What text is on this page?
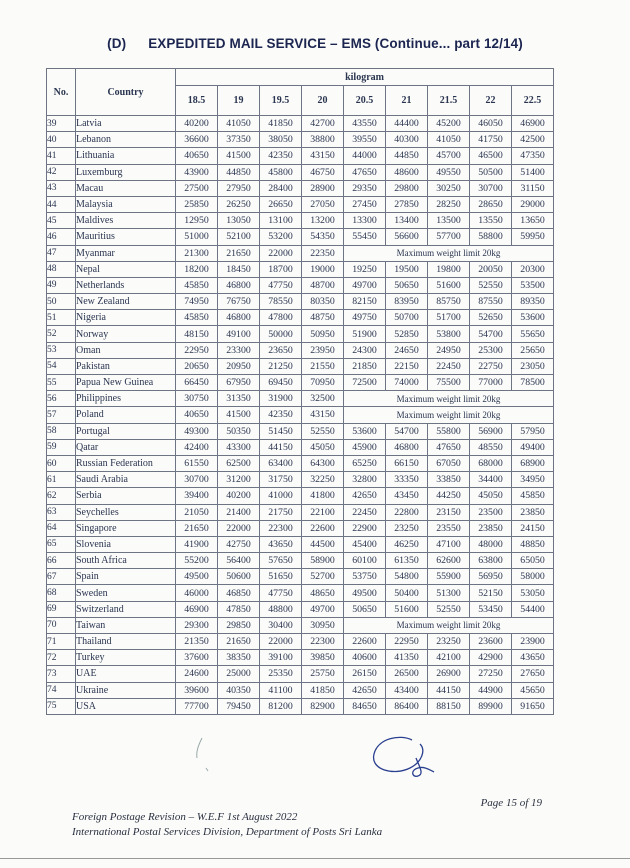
(D) EXPEDITED MAIL SERVICE – EMS (Continue... part 12/14)
No.	Country	kilogram								
		18.5	19	19.5	20	20.5	21	21.5	22	22.5
39	Latvia	40200	41050	41850	42700	43550	44400	45200	46050	46900
40	Lebanon	36600	37350	38050	38800	39550	40300	41050	41750	42500
41	Lithuania	40650	41500	42350	43150	44000	44850	45700	46500	47350
42	Luxemburg	43900	44850	45800	46750	47650	48600	49550	50500	51400
43	Macau	27500	27950	28400	28900	29350	29800	30250	30700	31150
44	Malaysia	25850	26250	26650	27050	27450	27850	28250	28650	29000
45	Maldives	12950	13050	13100	13200	13300	13400	13500	13550	13650
46	Mauritius	51000	52100	53200	54350	55450	56600	57700	58800	59950
47	Myanmar	21300	21650	22000	22350	Maximum weight limit 20kg				
48	Nepal	18200	18450	18700	19000	19250	19500	19800	20050	20300
49	Netherlands	45850	46800	47750	48700	49700	50650	51600	52550	53500
50	New Zealand	74950	76750	78550	80350	82150	83950	85750	87550	89350
51	Nigeria	45850	46800	47800	48750	49750	50700	51700	52650	53600
52	Norway	48150	49100	50000	50950	51900	52850	53800	54700	55650
53	Oman	22950	23300	23650	23950	24300	24650	24950	25300	25650
54	Pakistan	20650	20950	21250	21550	21850	22150	22450	22750	23050
55	Papua New Guinea	66450	67950	69450	70950	72500	74000	75500	77000	78500
56	Philippines	30750	31350	31900	32500	Maximum weight limit 20kg				
57	Poland	40650	41500	42350	43150	Maximum weight limit 20kg				
58	Portugal	49300	50350	51450	52550	53600	54700	55800	56900	57950
59	Qatar	42400	43300	44150	45050	45900	46800	47650	48550	49400
60	Russian Federation	61550	62500	63400	64300	65250	66150	67050	68000	68900
61	Saudi Arabia	30700	31200	31750	32250	32800	33350	33850	34400	34950
62	Serbia	39400	40200	41000	41800	42650	43450	44250	45050	45850
63	Seychelles	21050	21400	21750	22100	22450	22800	23150	23500	23850
64	Singapore	21650	22000	22300	22600	22900	23250	23550	23850	24150
65	Slovenia	41900	42750	43650	44500	45400	46250	47100	48000	48850
66	South Africa	55200	56400	57650	58900	60100	61350	62600	63800	65050
67	Spain	49500	50600	51650	52700	53750	54800	55900	56950	58000
68	Sweden	46000	46850	47750	48650	49500	50400	51300	52150	53050
69	Switzerland	46900	47850	48800	49700	50650	51600	52550	53450	54400
70	Taiwan	29300	29850	30400	30950	Maximum weight limit 20kg				
71	Thailand	21350	21650	22000	22300	22600	22950	23250	23600	23900
72	Turkey	37600	38350	39100	39850	40600	41350	42100	42900	43650
73	UAE	24600	25000	25350	25750	26150	26500	26900	27250	27650
74	Ukraine	39600	40350	41100	41850	42650	43400	44150	44900	45650
75	USA	77700	79450	81200	82900	84650	86400	88150	89900	91650
Page 15 of 19
Foreign Postage Revision – W.E.F 1st August 2022
International Postal Services Division, Department of Posts Sri Lanka
